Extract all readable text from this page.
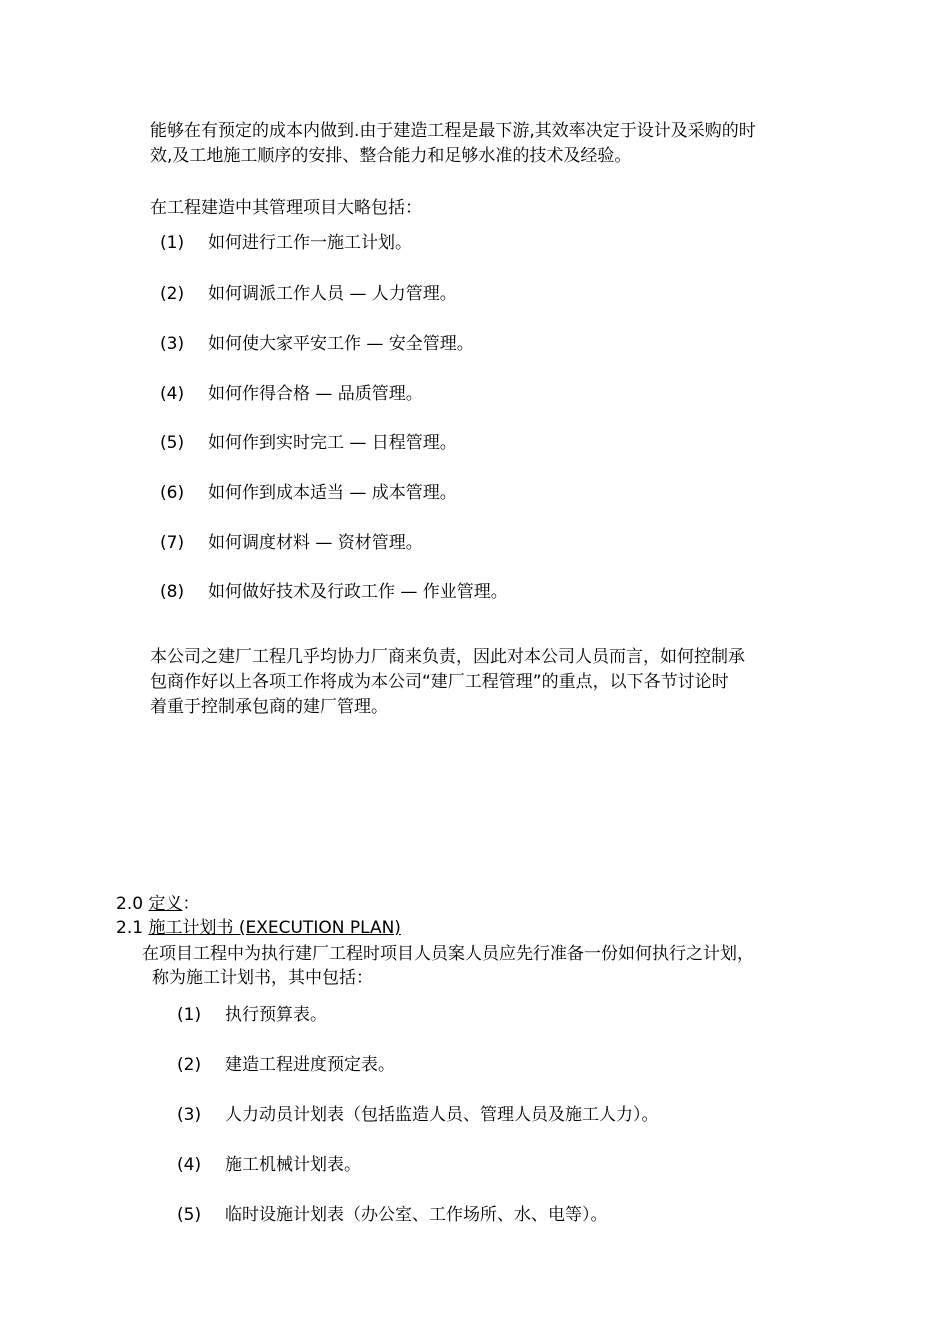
能够在有预定的成本内做到.由于建造工程是最下游,其效率决定于设计及采购的时
效,及工地施工顺序的安排、整合能力和足够水准的技术及经验。
在工程建造中其管理项目大略包括：
(1) 如何进行工作一施工计划。
(2) 如何调派工作人员 — 人力管理。
(3) 如何使大家平安工作 — 安全管理。
(4) 如何作得合格 — 品质管理。
(5) 如何作到实时完工 — 日程管理。
(6) 如何作到成本适当 — 成本管理。
(7) 如何调度材料 — 资材管理。
(8) 如何做好技术及行政工作 — 作业管理。
本公司之建厂工程几乎均协力厂商来负责，因此对本公司人员而言，如何控制承
包商作好以上各项工作将成为本公司“建厂工程管理”的重点，以下各节讨论时
着重于控制承包商的建厂管理。
2.0 定义：
2.1 施工计划书 (EXECUTION PLAN)
在项目工程中为执行建厂工程时项目人员案人员应先行准备一份如何执行之计划，
称为施工计划书，其中包括：
(1) 执行预算表。
(2) 建造工程进度预定表。
(3) 人力动员计划表（包括监造人员、管理人员及施工人力）。
(4) 施工机械计划表。
(5) 临时设施计划表（办公室、工作场所、水、电等）。
